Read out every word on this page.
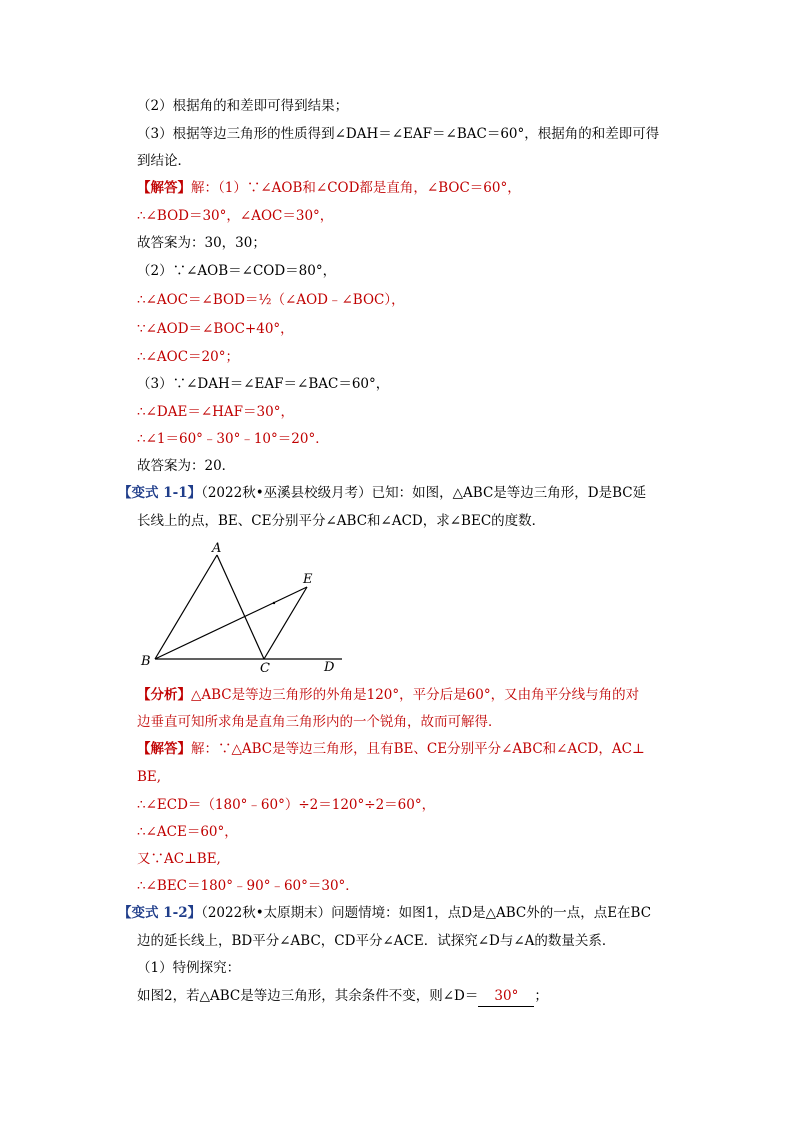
（2）根据角的和差即可得到结果；
（3）根据等边三角形的性质得到∠DAH＝∠EAF＝∠BAC＝60°，根据角的和差即可得
到结论．
【解答】解：（1）∵∠AOB和∠COD都是直角，∠BOC＝60°，
∴∠BOD＝30°，∠AOC＝30°，
故答案为：30，30；
（2）∵∠AOB＝∠COD＝80°，
∴∠AOC＝∠BOD＝½（∠AOD﹣∠BOC），
∵∠AOD＝∠BOC+40°，
∴∠AOC＝20°；
（3）∵∠DAH＝∠EAF＝∠BAC＝60°，
∴∠DAE＝∠HAF＝30°，
∴∠1＝60°﹣30°﹣10°＝20°．
故答案为：20．
【变式 1-1】（2022秋•巫溪县校级月考）已知：如图，△ABC是等边三角形，D是BC延
长线上的点，BE、CE分别平分∠ABC和∠ACD，求∠BEC的度数．
A
B	C	D
E
【分析】△ABC是等边三角形的外角是120°，平分后是60°，又由角平分线与角的对
边垂直可知所求角是直角三角形内的一个锐角，故而可解得．
【解答】解：∵△ABC是等边三角形，且有BE、CE分别平分∠ABC和∠ACD，AC⊥
BE,
∴∠ECD＝（180°﹣60°）÷2＝120°÷2＝60°，
∴∠ACE＝60°，
又∵AC⊥BE,
∴∠BEC＝180°﹣90°﹣60°＝30°．
【变式 1-2】（2022秋•太原期末）问题情境：如图1，点D是△ABC外的一点，点E在BC
边的延长线上，BD平分∠ABC，CD平分∠ACE．试探究∠D与∠A的数量关系．
（1）特例探究：
如图2，若△ABC是等边三角形，其余条件不变，则∠D＝ 30° ；
